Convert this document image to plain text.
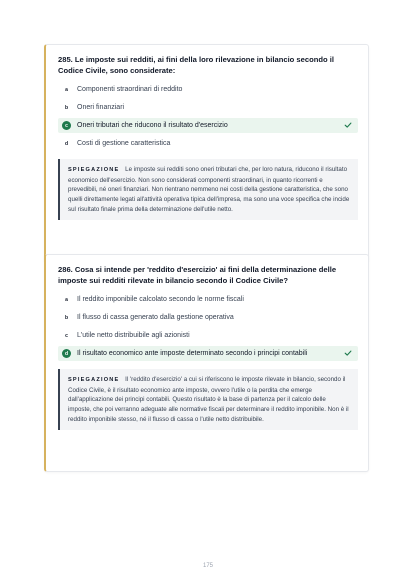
285. Le imposte sui redditi, ai fini della loro rilevazione in bilancio secondo il Codice Civile, sono considerate:

a	Componenti straordinari di reddito
b	Oneri finanziari
c	Oneri tributari che riducono il risultato d'esercizio
d	Costi di gestione caratteristica
SPIEGAZIONE Le imposte sui redditi sono oneri tributari che, per loro natura, riducono il risultato economico dell'esercizio. Non sono considerati componenti straordinari, in quanto ricorrenti e prevedibili, né oneri finanziari. Non rientrano nemmeno nei costi della gestione caratteristica, che sono quelli direttamente legati all'attività operativa tipica dell'impresa, ma sono una voce specifica che incide sul risultato finale prima della determinazione dell'utile netto.

286. Cosa si intende per 'reddito d'esercizio' ai fini della determinazione delle imposte sui redditi rilevate in bilancio secondo il Codice Civile?

a	Il reddito imponibile calcolato secondo le norme fiscali
b	Il flusso di cassa generato dalla gestione operativa
c	L'utile netto distribuibile agli azionisti
d	Il risultato economico ante imposte determinato secondo i principi contabili
SPIEGAZIONE Il 'reddito d'esercizio' a cui si riferiscono le imposte rilevate in bilancio, secondo il Codice Civile, è il risultato economico ante imposte, ovvero l'utile o la perdita che emerge dall'applicazione dei principi contabili. Questo risultato è la base di partenza per il calcolo delle imposte, che poi verranno adeguate alle normative fiscali per determinare il reddito imponibile. Non è il reddito imponibile stesso, né il flusso di cassa o l'utile netto distribuibile.
175
